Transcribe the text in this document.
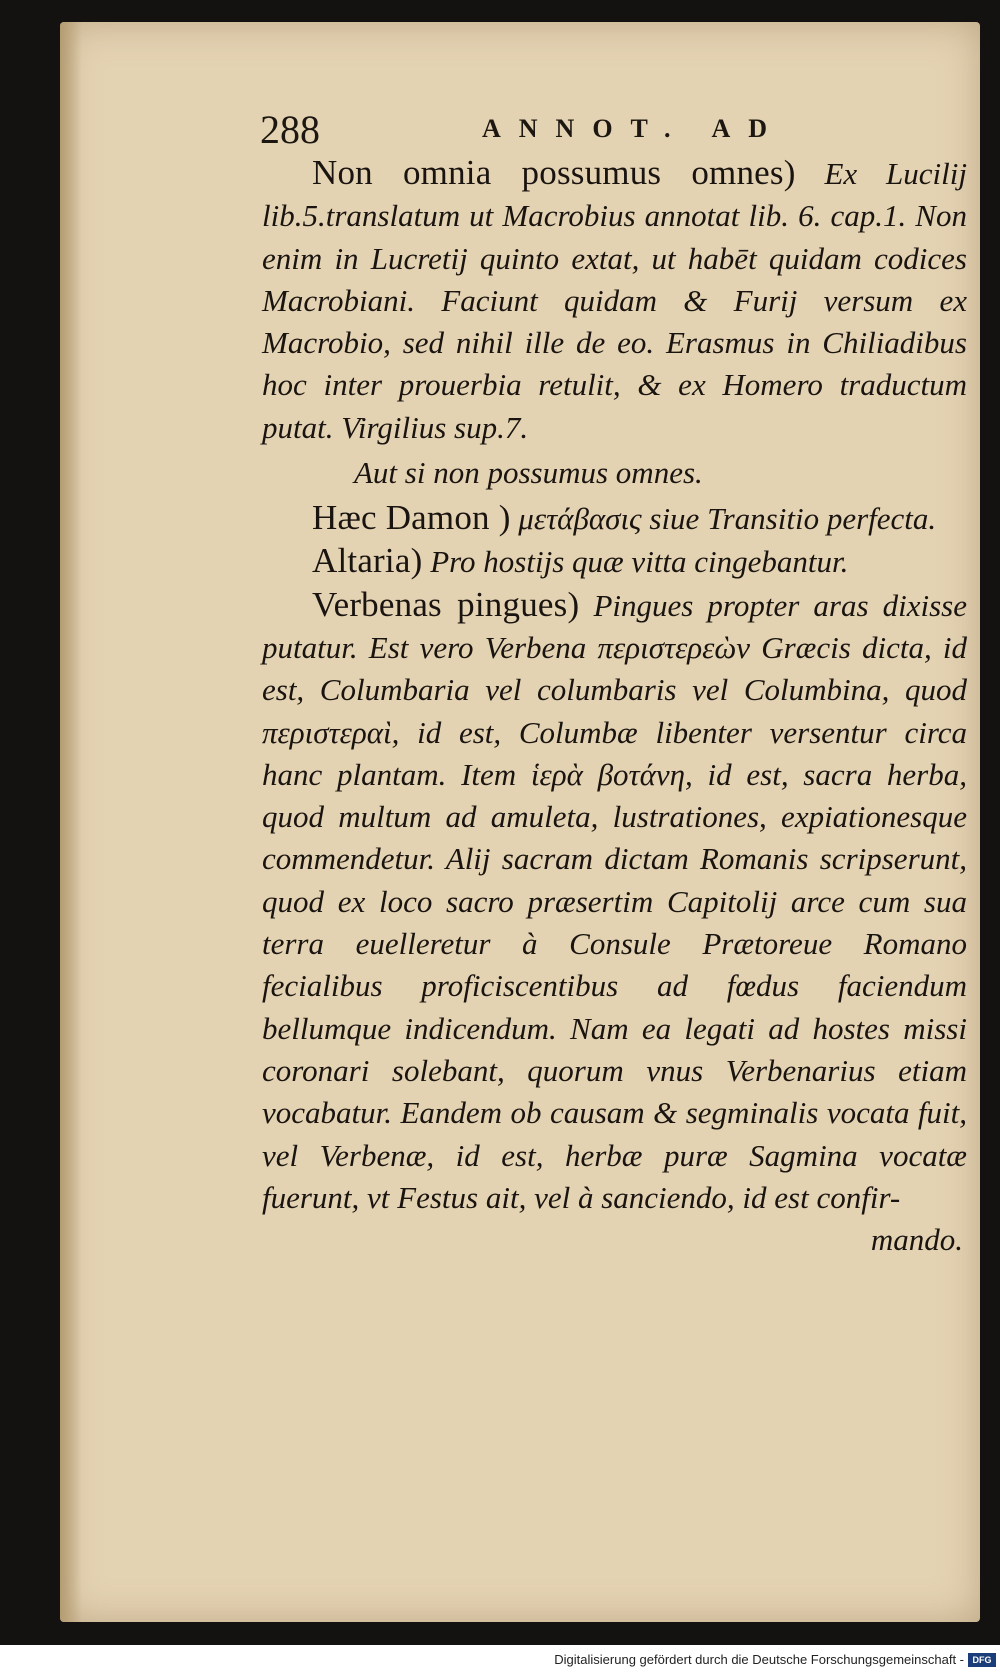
288	ANNOT. AD

Non omnia possumus omnes) Ex Lucilij lib.5.translatum ut Macrobius annotat lib. 6. cap.1. Non enim in Lucretij quinto extat, ut habēt quidam codices Macrobiani. Faciunt quidam & Furij versum ex Macrobio, sed nihil ille de eo. Erasmus in Chiliadibus hoc inter prouerbia retulit, & ex Homero traductum putat. Virgilius sup.7.

Aut si non possumus omnes.

Hæc Damon ) μετάβασις siue Transitio perfecta.

Altaria) Pro hostijs quæ vitta cingebantur.

Verbenas pingues) Pingues propter aras dixisse putatur. Est vero Verbena περιστερεὼν Græcis dicta, id est, Columbaria vel columbaris vel Columbina, quod περιστεραὶ, id est, Columbæ libenter versentur circa hanc plantam. Item ἱερὰ βοτάνη, id est, sacra herba, quod multum ad amuleta, lustrationes, expiationesque commendetur. Alij sacram dictam Romanis scripserunt, quod ex loco sacro præsertim Capitolij arce cum sua terra euelleretur à Consule Prætoreue Romano fecialibus proficiscentibus ad fœdus faciendum bellumque indicendum. Nam ea legati ad hostes missi coronari solebant, quorum vnus Verbenarius etiam vocabatur. Eandem ob causam & segminalis vocata fuit, vel Verbenæ, id est, herbæ puræ Sagmina vocatæ fuerunt, vt Festus ait, vel à sanciendo, id est confir-
mando.

Digitalisierung gefördert durch die Deutsche Forschungsgemeinschaft - DFG
